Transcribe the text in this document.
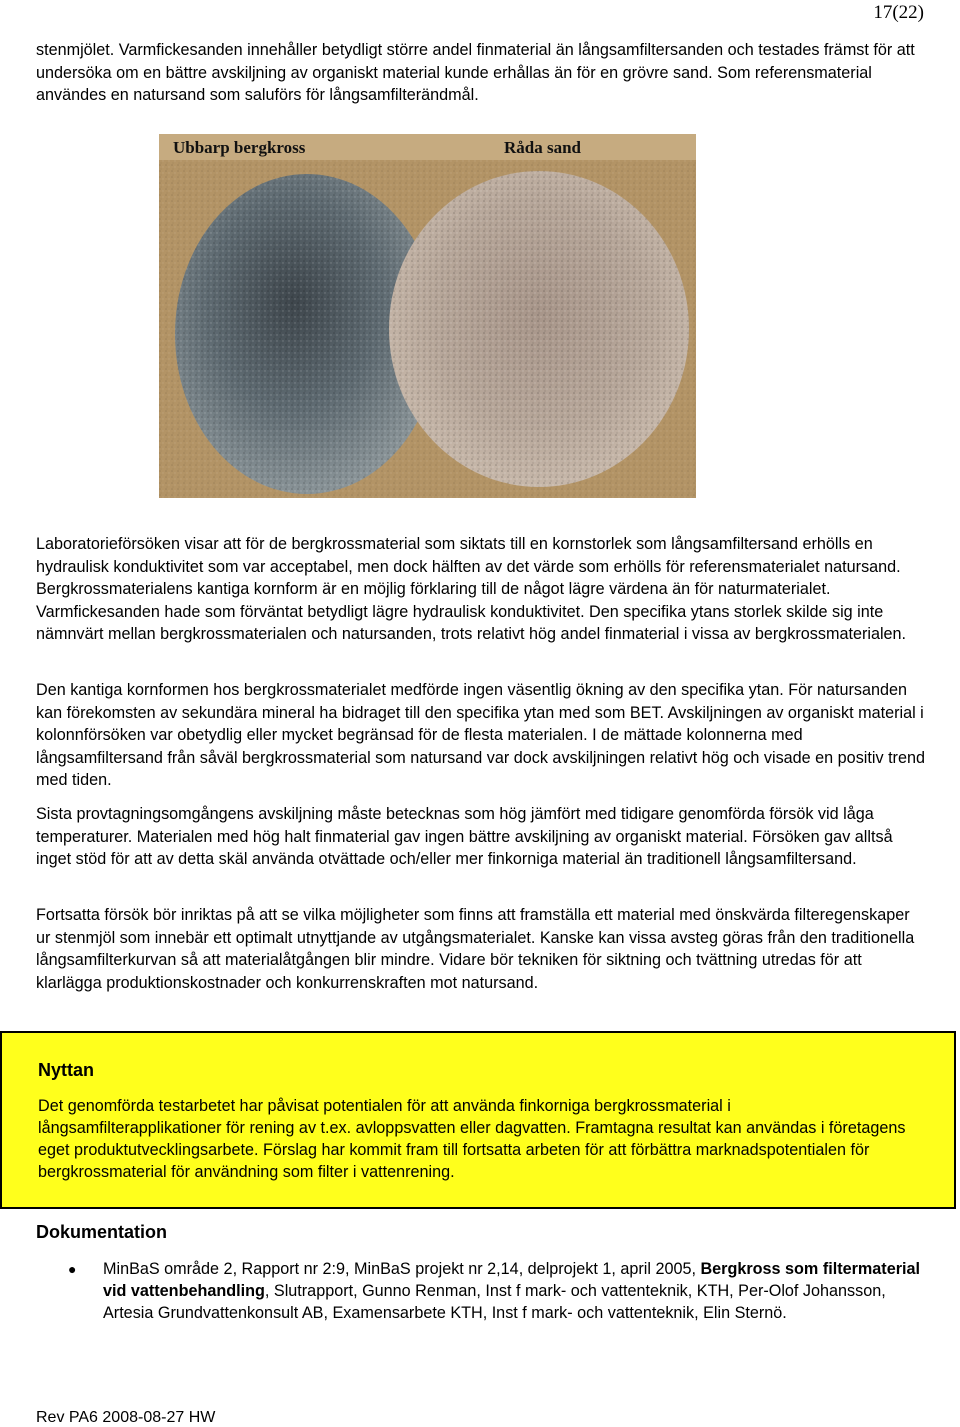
17(22)

stenmjölet. Varmfickesanden innehåller betydligt större andel finmaterial än långsamfiltersanden och testades främst för att undersöka om en bättre avskiljning av organiskt material kunde erhållas än för en grövre sand. Som referensmaterial användes en natursand som saluförs för långsamfilterändmål.

Ubbarp bergkross	Råda sand

Laboratorieförsöken visar att för de bergkrossmaterial som siktats till en kornstorlek som långsamfiltersand erhölls en hydraulisk konduktivitet som var acceptabel, men dock hälften av det värde som erhölls för referensmaterialet natursand. Bergkrossmaterialens kantiga kornform är en möjlig förklaring till de något lägre värdena än för naturmaterialet. Varmfickesanden hade som förväntat betydligt lägre hydraulisk konduktivitet. Den specifika ytans storlek skilde sig inte nämnvärt mellan bergkrossmaterialen och natursanden, trots relativt hög andel finmaterial i vissa av bergkrossmaterialen.

Den kantiga kornformen hos bergkrossmaterialet medförde ingen väsentlig ökning av den specifika ytan. För natursanden kan förekomsten av sekundära mineral ha bidraget till den specifika ytan med som BET. Avskiljningen av organiskt material i kolonnförsöken var obetydlig eller mycket begränsad för de flesta materialen. I de mättade kolonnerna med långsamfiltersand från såväl bergkrossmaterial som natursand var dock avskiljningen relativt hög och visade en positiv trend med tiden.

Sista provtagningsomgångens avskiljning måste betecknas som hög jämfört med tidigare genomförda försök vid låga temperaturer. Materialen med hög halt finmaterial gav ingen bättre avskiljning av organiskt material. Försöken gav alltså inget stöd för att av detta skäl använda otvättade och/eller mer finkorniga material än traditionell långsamfiltersand.

Fortsatta försök bör inriktas på att se vilka möjligheter som finns att framställa ett material med önskvärda filteregenskaper ur stenmjöl som innebär ett optimalt utnyttjande av utgångsmaterialet. Kanske kan vissa avsteg göras från den traditionella långsamfilterkurvan så att materialåtgången blir mindre. Vidare bör tekniken för siktning och tvättning utredas för att klarlägga produktionskostnader och konkurrenskraften mot natursand.

Nyttan

Det genomförda testarbetet har påvisat potentialen för att använda finkorniga bergkrossmaterial i långsamfilterapplikationer för rening av t.ex. avloppsvatten eller dagvatten. Framtagna resultat kan användas i företagens eget produktutvecklingsarbete. Förslag har kommit fram till fortsatta arbeten för att förbättra marknadspotentialen för bergkrossmaterial för användning som filter i vattenrening.

Dokumentation
● MinBaS område 2, Rapport nr 2:9, MinBaS projekt nr 2,14, delprojekt 1, april 2005, Bergkross som filtermaterial vid vattenbehandling, Slutrapport, Gunno Renman, Inst f mark- och vattenteknik, KTH, Per-Olof Johansson, Artesia Grundvattenkonsult AB, Examensarbete KTH, Inst f mark- och vattenteknik, Elin Sternö.
Rev PA6 2008-08-27 HW
